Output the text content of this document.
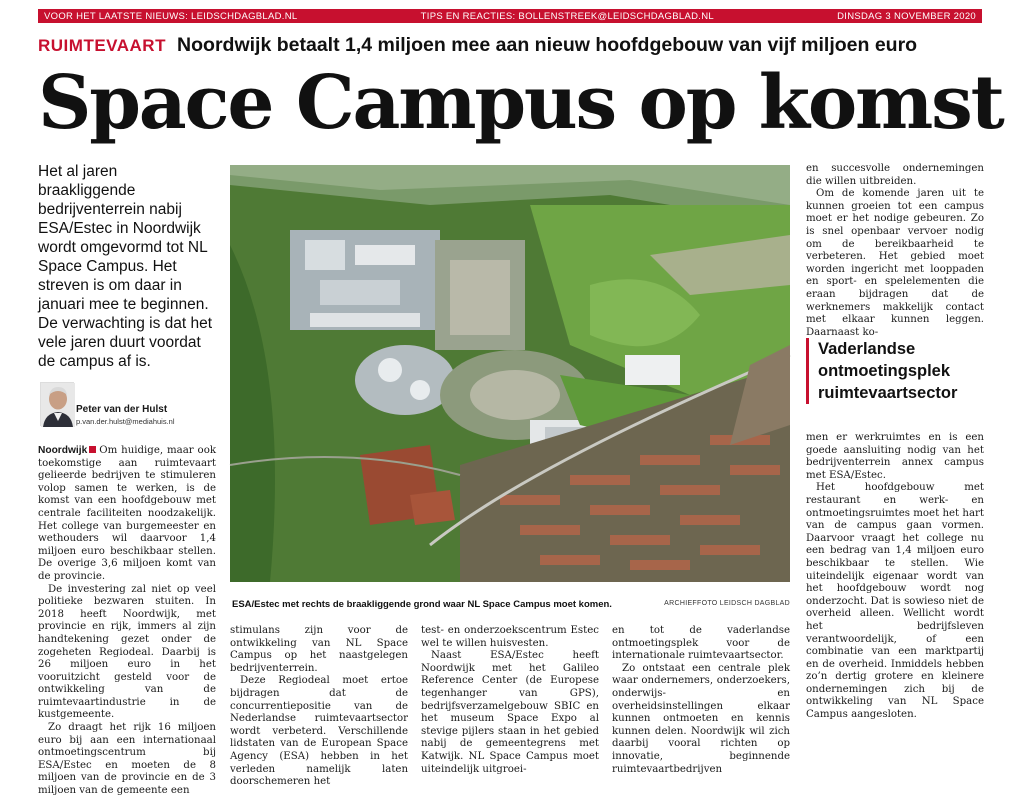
VOOR HET LAATSTE NIEUWS: LEIDSCHDAGBLAD.NL	TIPS EN REACTIES: BOLLENSTREEK@LEIDSCHDAGBLAD.NL	DINSDAG 3 NOVEMBER 2020
RUIMTEVAART Noordwijk betaalt 1,4 miljoen mee aan nieuw hoofdgebouw van vijf miljoen euro
Space Campus op komst
Het al jaren braakliggende bedrijventerrein nabij ESA/Estec in Noordwijk wordt omgevormd tot NL Space Campus. Het streven is om daar in januari mee te beginnen. De verwachting is dat het vele jaren duurt voordat de campus af is.
Peter van der Hulst
p.van.der.hulst@mediahuis.nl

Noordwijk Om huidige, maar ook toekomstige aan ruimtevaart gelieerde bedrijven te stimuleren volop samen te werken, is de komst van een hoofdgebouw met centrale faciliteiten noodzakelijk. Het college van burgemeester en wethouders wil daarvoor 1,4 miljoen euro beschikbaar stellen. De overige 3,6 miljoen komt van de provincie.

De investering zal niet op veel politieke bezwaren stuiten. In 2018 heeft Noordwijk, met provincie en rijk, immers al zijn handtekening gezet onder de zogeheten Regiodeal. Daarbij is 26 miljoen euro in het vooruitzicht gesteld voor de ontwikkeling van de ruimtevaartindustrie in de kustgemeente.

Zo draagt het rijk 16 miljoen euro bij aan een internationaal ontmoetingscentrum bij ESA/Estec en moeten de 8 miljoen van de provincie en de 3 miljoen van de gemeente een

ESA/Estec met rechts de braakliggende grond waar NL Space Campus moet komen.	ARCHIEFFOTO LEIDSCH DAGBLAD

stimulans zijn voor de ontwikkeling van NL Space Campus op het naastgelegen bedrijventerrein.

Deze Regiodeal moet ertoe bijdragen dat de concurrentiepositie van de Nederlandse ruimtevaartsector wordt verbeterd. Verschillende lidstaten van de European Space Agency (ESA) hebben in het verleden namelijk laten doorschemeren het

test- en onderzoekscentrum Estec wel te willen huisvesten.

Naast ESA/Estec heeft Noordwijk met het Galileo Reference Center (de Europese tegenhanger van GPS), bedrijfsverzamelgebouw SBIC en het museum Space Expo al stevige pijlers staan in het gebied nabij de gemeentegrens met Katwijk. NL Space Campus moet uiteindelijk uitgroei-

en tot de vaderlandse ontmoetingsplek voor de internationale ruimtevaartsector.

Zo ontstaat een centrale plek waar ondernemers, onderzoekers, onderwijs- en overheidsinstellingen elkaar kunnen ontmoeten en kennis kunnen delen. Noordwijk wil zich daarbij vooral richten op innovatie, beginnende ruimtevaartbedrijven

en succesvolle ondernemingen die willen uitbreiden.

Om de komende jaren uit te kunnen groeien tot een campus moet er het nodige gebeuren. Zo is snel openbaar vervoer nodig om de bereikbaarheid te verbeteren. Het gebied moet worden ingericht met looppaden en sport- en spelelementen die eraan bijdragen dat de werknemers makkelijk contact met elkaar kunnen leggen. Daarnaast ko-

Vaderlandse ontmoetingsplek ruimtevaartsector

men er werkruimtes en is een goede aansluiting nodig van het bedrijventerrein annex campus met ESA/Estec.

Het hoofdgebouw met restaurant en werk- en ontmoetingsruimtes moet het hart van de campus gaan vormen. Daarvoor vraagt het college nu een bedrag van 1,4 miljoen euro beschikbaar te stellen. Wie uiteindelijk eigenaar wordt van het hoofdgebouw wordt nog onderzocht. Dat is sowieso niet de overheid alleen. Wellicht wordt het bedrijfsleven verantwoordelijk, of een combinatie van een marktpartij en de overheid. Inmiddels hebben zo’n dertig grotere en kleinere ondernemingen zich bij de ontwikkeling van NL Space Campus aangesloten.
